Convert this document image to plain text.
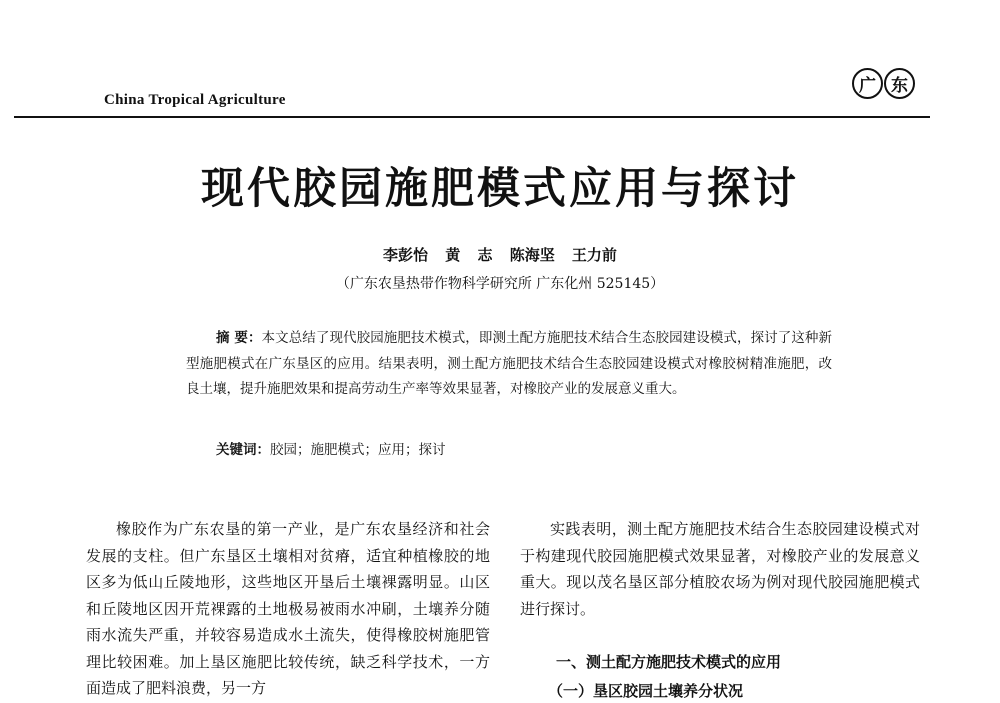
China Tropical Agriculture
广 东
现代胶园施肥模式应用与探讨
李彭怡 黄 志 陈海坚 王力前
（广东农垦热带作物科学研究所 广东化州 525145）

摘 要：本文总结了现代胶园施肥技术模式，即测土配方施肥技术结合生态胶园建设模式，探讨了这种新型施肥模式在广东垦区的应用。结果表明，测土配方施肥技术结合生态胶园建设模式对橡胶树精准施肥，改良土壤，提升施肥效果和提高劳动生产率等效果显著，对橡胶产业的发展意义重大。

关键词：胶园；施肥模式；应用；探讨

橡胶作为广东农垦的第一产业，是广东农垦经济和社会发展的支柱。但广东垦区土壤相对贫瘠，适宜种植橡胶的地区多为低山丘陵地形，这些地区开垦后土壤裸露明显。山区和丘陵地区因开荒裸露的土地极易被雨水冲刷，土壤养分随雨水流失严重，并较容易造成水土流失，使得橡胶树施肥管理比较困难。加上垦区施肥比较传统，缺乏科学技术，一方面造成了肥料浪费，另一方

实践表明，测土配方施肥技术结合生态胶园建设模式对于构建现代胶园施肥模式效果显著，对橡胶产业的发展意义重大。现以茂名垦区部分植胶农场为例对现代胶园施肥模式进行探讨。

一、测土配方施肥技术模式的应用
（一）垦区胶园土壤养分状况
